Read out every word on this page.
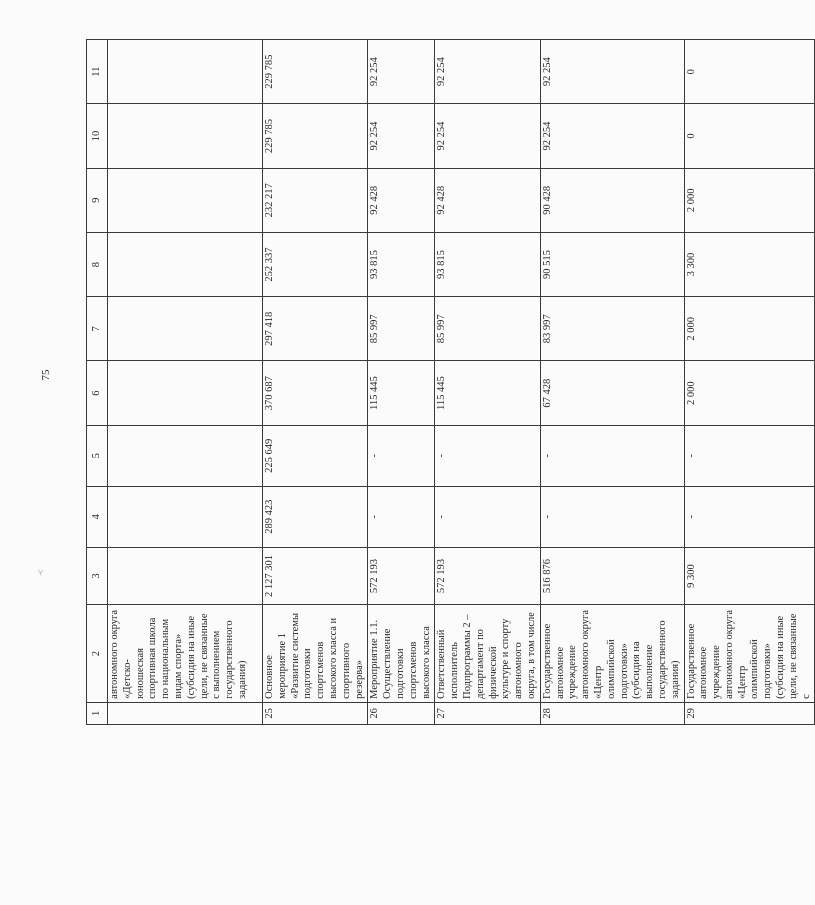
75
-с
1	2	3	4	5	6	7	8	9	10	11
	автономного округа «Детско-юношеская спортивная школа по национальным видам спорта» (субсидия на иные цели, не связанные с выполнением государственного задания)									
25	Основное мероприятие 1 «Развитие системы подготовки спортсменов высокого класса и спортивного резерва»	2 127 301	289 423	225 649	370 687	297 418	252 337	232 217	229 785	229 785
26	Мероприятие 1.1. Осуществление подготовки спортсменов высокого класса	572 193	-	-	115 445	85 997	93 815	92 428	92 254	92 254
27	Ответственный исполнитель Подпрограммы 2 – департамент по физической культуре и спорту автономного округа, в том числе	572 193	-	-	115 445	85 997	93 815	92 428	92 254	92 254
28	Государственное автономное учреждение автономного округа «Центр олимпийской подготовки» (субсидия на выполнение государственного задания)	516 876	-	-	67 428	83 997	90 515	90 428	92 254	92 254
29	Государственное автономное учреждение автономного округа «Центр олимпийской подготовки» (субсидия на иные цели, не связанные с	9 300	-	-	2 000	2 000	3 300	2 000	0	0
